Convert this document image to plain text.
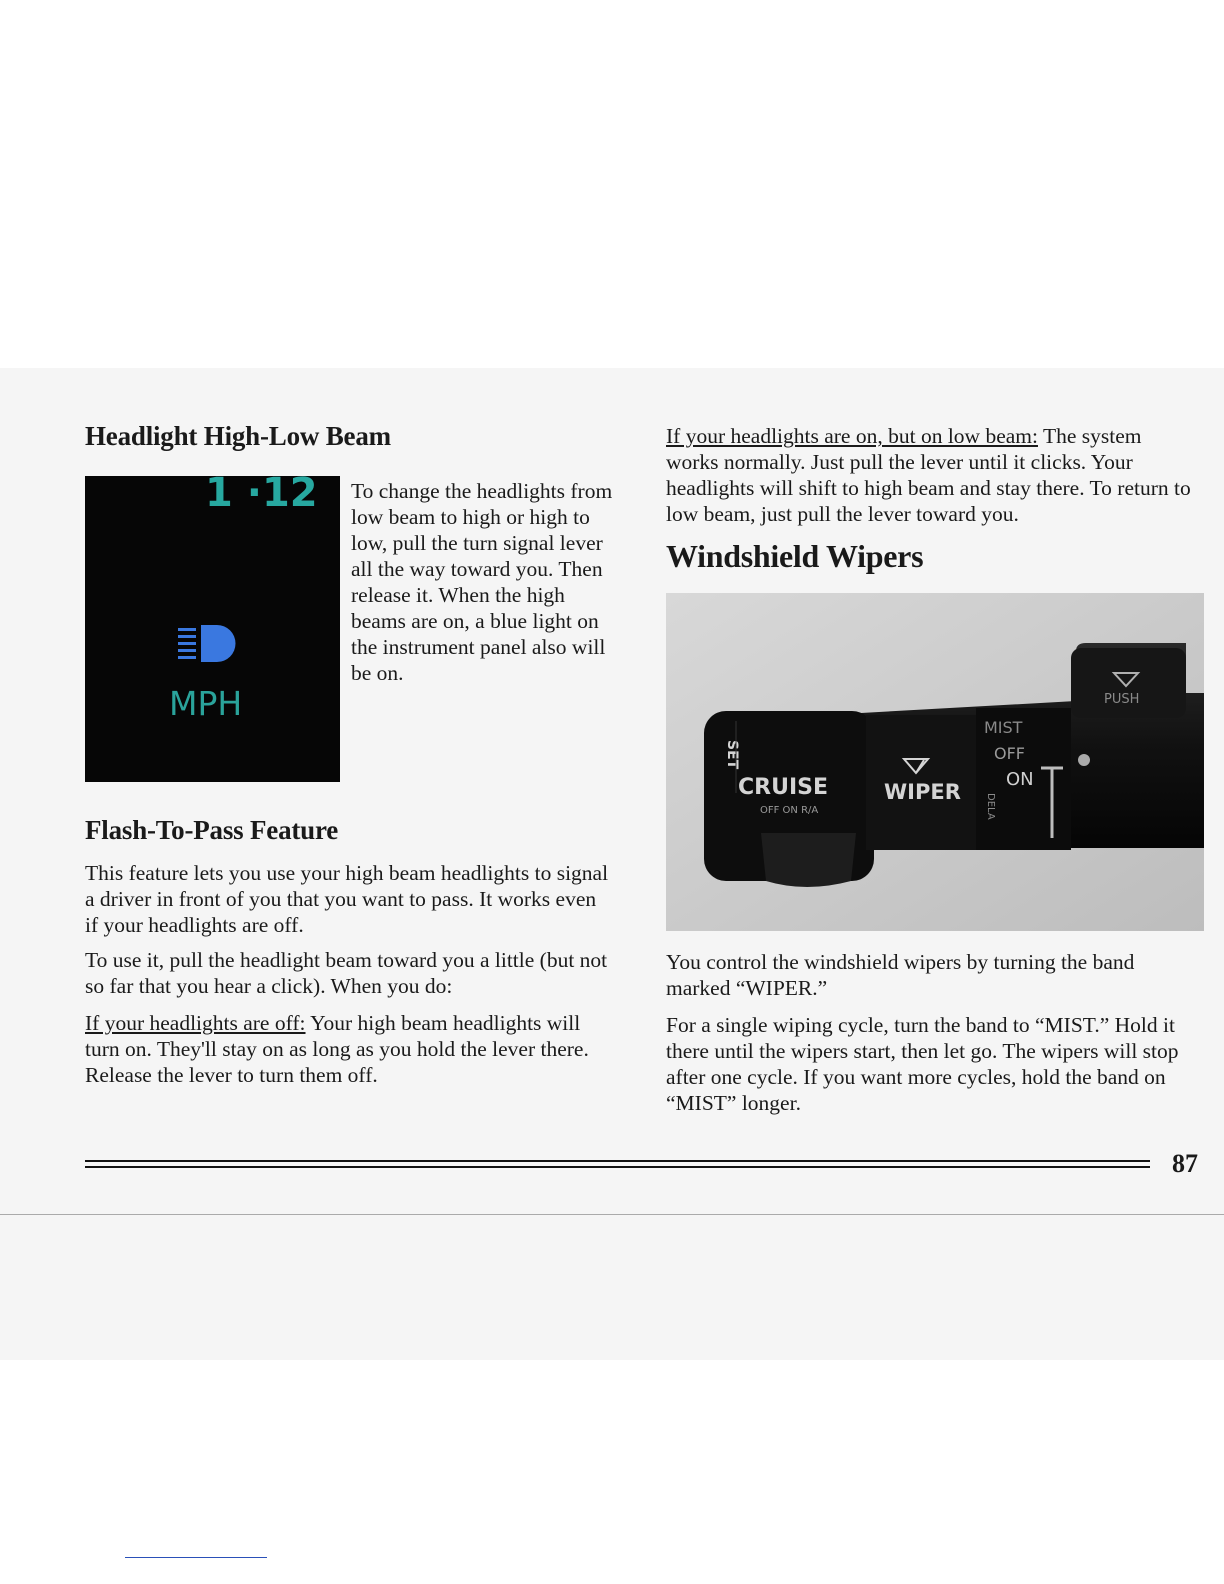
Headlight High-Low Beam
1 ·12
MPH

To change the headlights from low beam to high or high to low, pull the turn signal lever all the way toward you. Then release it. When the high beams are on, a blue light on the instrument panel also will be on.

Flash-To-Pass Feature

This feature lets you use your high beam headlights to signal a driver in front of you that you want to pass. It works even if your headlights are off.

To use it, pull the headlight beam toward you a little (but not so far that you hear a click). When you do:

If your headlights are off: Your high beam headlights will turn on. They'll stay on as long as you hold the lever there. Release the lever to turn them off.

If your headlights are on, but on low beam: The system works normally. Just pull the lever until it clicks. Your headlights will shift to high beam and stay there. To return to low beam, just pull the lever toward you.

Windshield Wipers
SET
CRUISE
OFF ON R/A
WIPER
MIST
OFF
ON
DELA
PUSH

You control the windshield wipers by turning the band marked “WIPER.”

For a single wiping cycle, turn the band to “MIST.” Hold it there until the wipers start, then let go. The wipers will stop after one cycle. If you want more cycles, hold the band on “MIST” longer.

87
